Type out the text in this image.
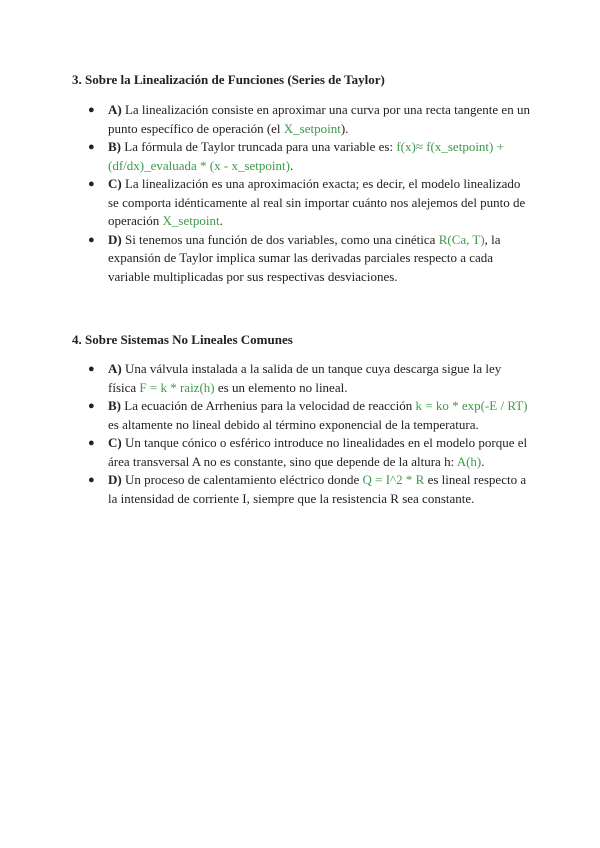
3. Sobre la Linealización de Funciones (Series de Taylor)
● A) La linealización consiste en aproximar una curva por una recta tangente en un punto específico de operación (el X_setpoint).
● B) La fórmula de Taylor truncada para una variable es: f(x)≈ f(x_setpoint) + (df/dx)_evaluada * (x - x_setpoint).
● C) La linealización es una aproximación exacta; es decir, el modelo linealizado se comporta idénticamente al real sin importar cuánto nos alejemos del punto de operación X_setpoint.
● D) Si tenemos una función de dos variables, como una cinética R(Ca, T), la expansión de Taylor implica sumar las derivadas parciales respecto a cada variable multiplicadas por sus respectivas desviaciones.
4. Sobre Sistemas No Lineales Comunes
● A) Una válvula instalada a la salida de un tanque cuya descarga sigue la ley física F = k * raiz(h) es un elemento no lineal.
● B) La ecuación de Arrhenius para la velocidad de reacción k = ko * exp(-E / RT) es altamente no lineal debido al término exponencial de la temperatura.
● C) Un tanque cónico o esférico introduce no linealidades en el modelo porque el área transversal A no es constante, sino que depende de la altura h: A(h).
● D) Un proceso de calentamiento eléctrico donde Q = I^2 * R es lineal respecto a la intensidad de corriente I, siempre que la resistencia R sea constante.
